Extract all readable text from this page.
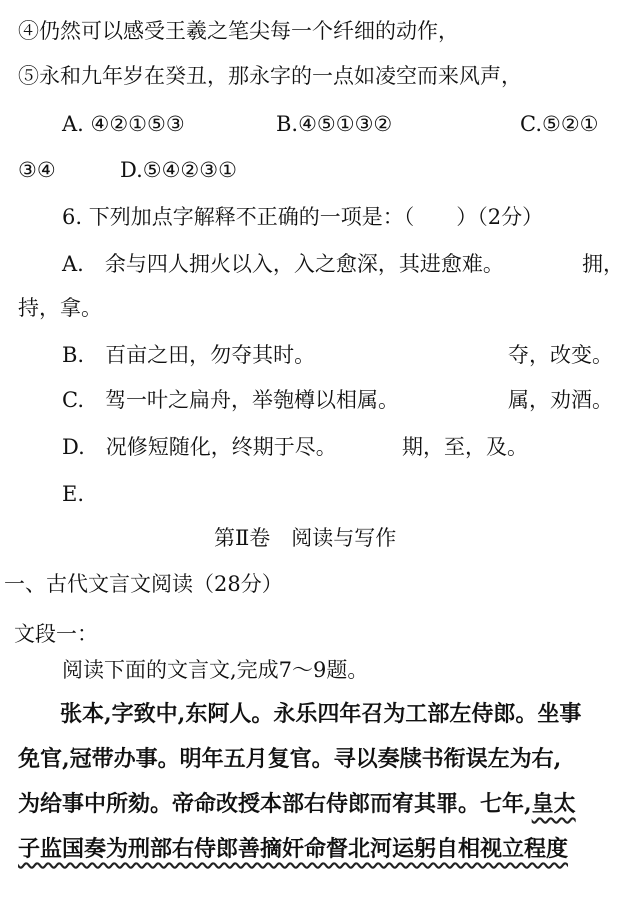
④仍然可以感受王羲之笔尖每一个纤细的动作，
⑤永和九年岁在癸丑，那永字的一点如凌空而来风声，
A. ④②①⑤③	B.④⑤①③②	C.⑤②①
③④	D.⑤④②③①
6. 下列加点字解释不正确的一项是：（　　）（2分）
A.　余与四人拥火以入，入之愈深，其进愈难。	拥，
持，拿。
B.　百亩之田，勿夺其时。	夺，改变。
C.　驾一叶之扁舟，举匏樽以相属。	属，劝酒。
D.　况修短随化，终期于尽。	期，至，及。
E.
第Ⅱ卷　阅读与写作
一、古代文言文阅读（28分）
文段一：
阅读下面的文言文,完成7～9题。
张本,字致中,东阿人。永乐四年召为工部左侍郎。坐事
免官,冠带办事。明年五月复官。寻以奏牍书衔误左为右,
为给事中所劾。帝命改授本部右侍郎而宥其罪。七年,皇太
子监国奏为刑部右侍郎善摘奸命督北河运躬自相视立程度
